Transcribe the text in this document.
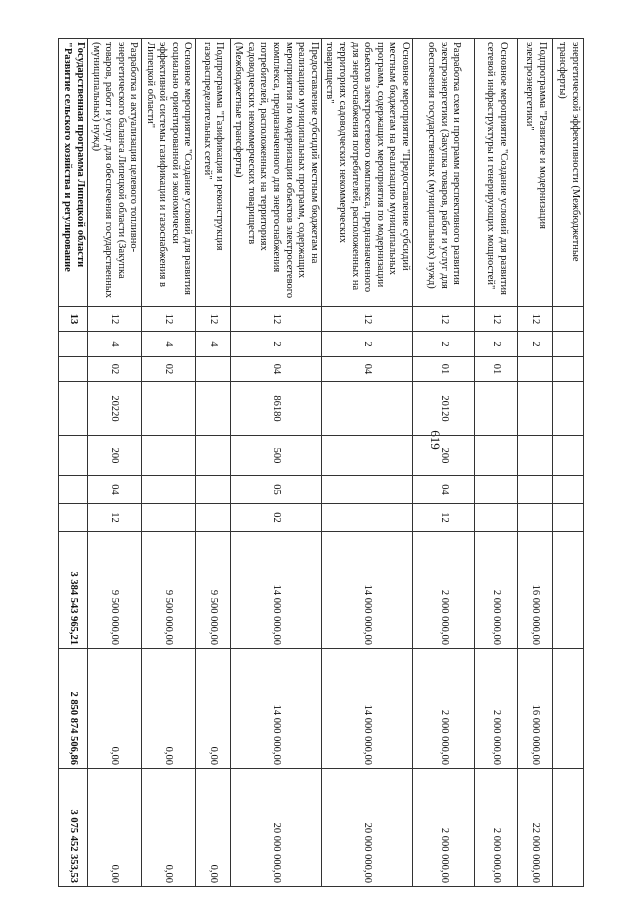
619
энергетической эффективности (Межбюджетные трансферты)										
Подпрограмма "Развитие и модернизация электроэнергетики"	12	2						16 000 000,00	16 000 000,00	22 000 000,00
Основное мероприятие "Создание условий для развития сетевой инфраструктуры и генерирующих мощностей"	12	2	01					2 000 000,00	2 000 000,00	2 000 000,00
Разработка схем и программ перспективного развития электроэнергетики (Закупка товаров, работ и услуг для обеспечения государственных (муниципальных) нужд)	12	2	01	20120	200	04	12	2 000 000,00	2 000 000,00	2 000 000,00
Основное мероприятие "Предоставление субсидий местным бюджетам на реализацию муниципальных программ, содержащих мероприятия по модернизации объектов электросетевого комплекса, предназначенного для энергоснабжения потребителей, расположенных на территориях садоводческих некоммерческих товариществ"	12	2	04					14 000 000,00	14 000 000,00	20 000 000,00
Предоставление субсидий местным бюджетам на реализацию муниципальных программ, содержащих мероприятия по модернизации объектов электросетевого комплекса, предназначенного для энергоснабжения потребителей, расположенных на территориях садоводческих некоммерческих товариществ (Межбюджетные трансферты)	12	2	04	86180	500	05	02	14 000 000,00	14 000 000,00	20 000 000,00
Подпрограмма "Газификация и реконструкция газораспределительных сетей"	12	4						9 500 000,00	0,00	0,00
Основное мероприятие "Создание условий для развития социально ориентированной и экономически эффективной системы газификации и газоснабжения в Липецкой области"	12	4	02					9 500 000,00	0,00	0,00
Разработка и актуализация целевого топливно-энергетического баланса Липецкой области (Закупка товаров, работ и услуг для обеспечения государственных (муниципальных) нужд)	12	4	02	20220	200	04	12	9 500 000,00	0,00	0,00
Государственная программа Липецкой области "Развитие сельского хозяйства и регулирование	13							3 384 543 965,21	2 850 874 506,86	3 075 452 353,53
